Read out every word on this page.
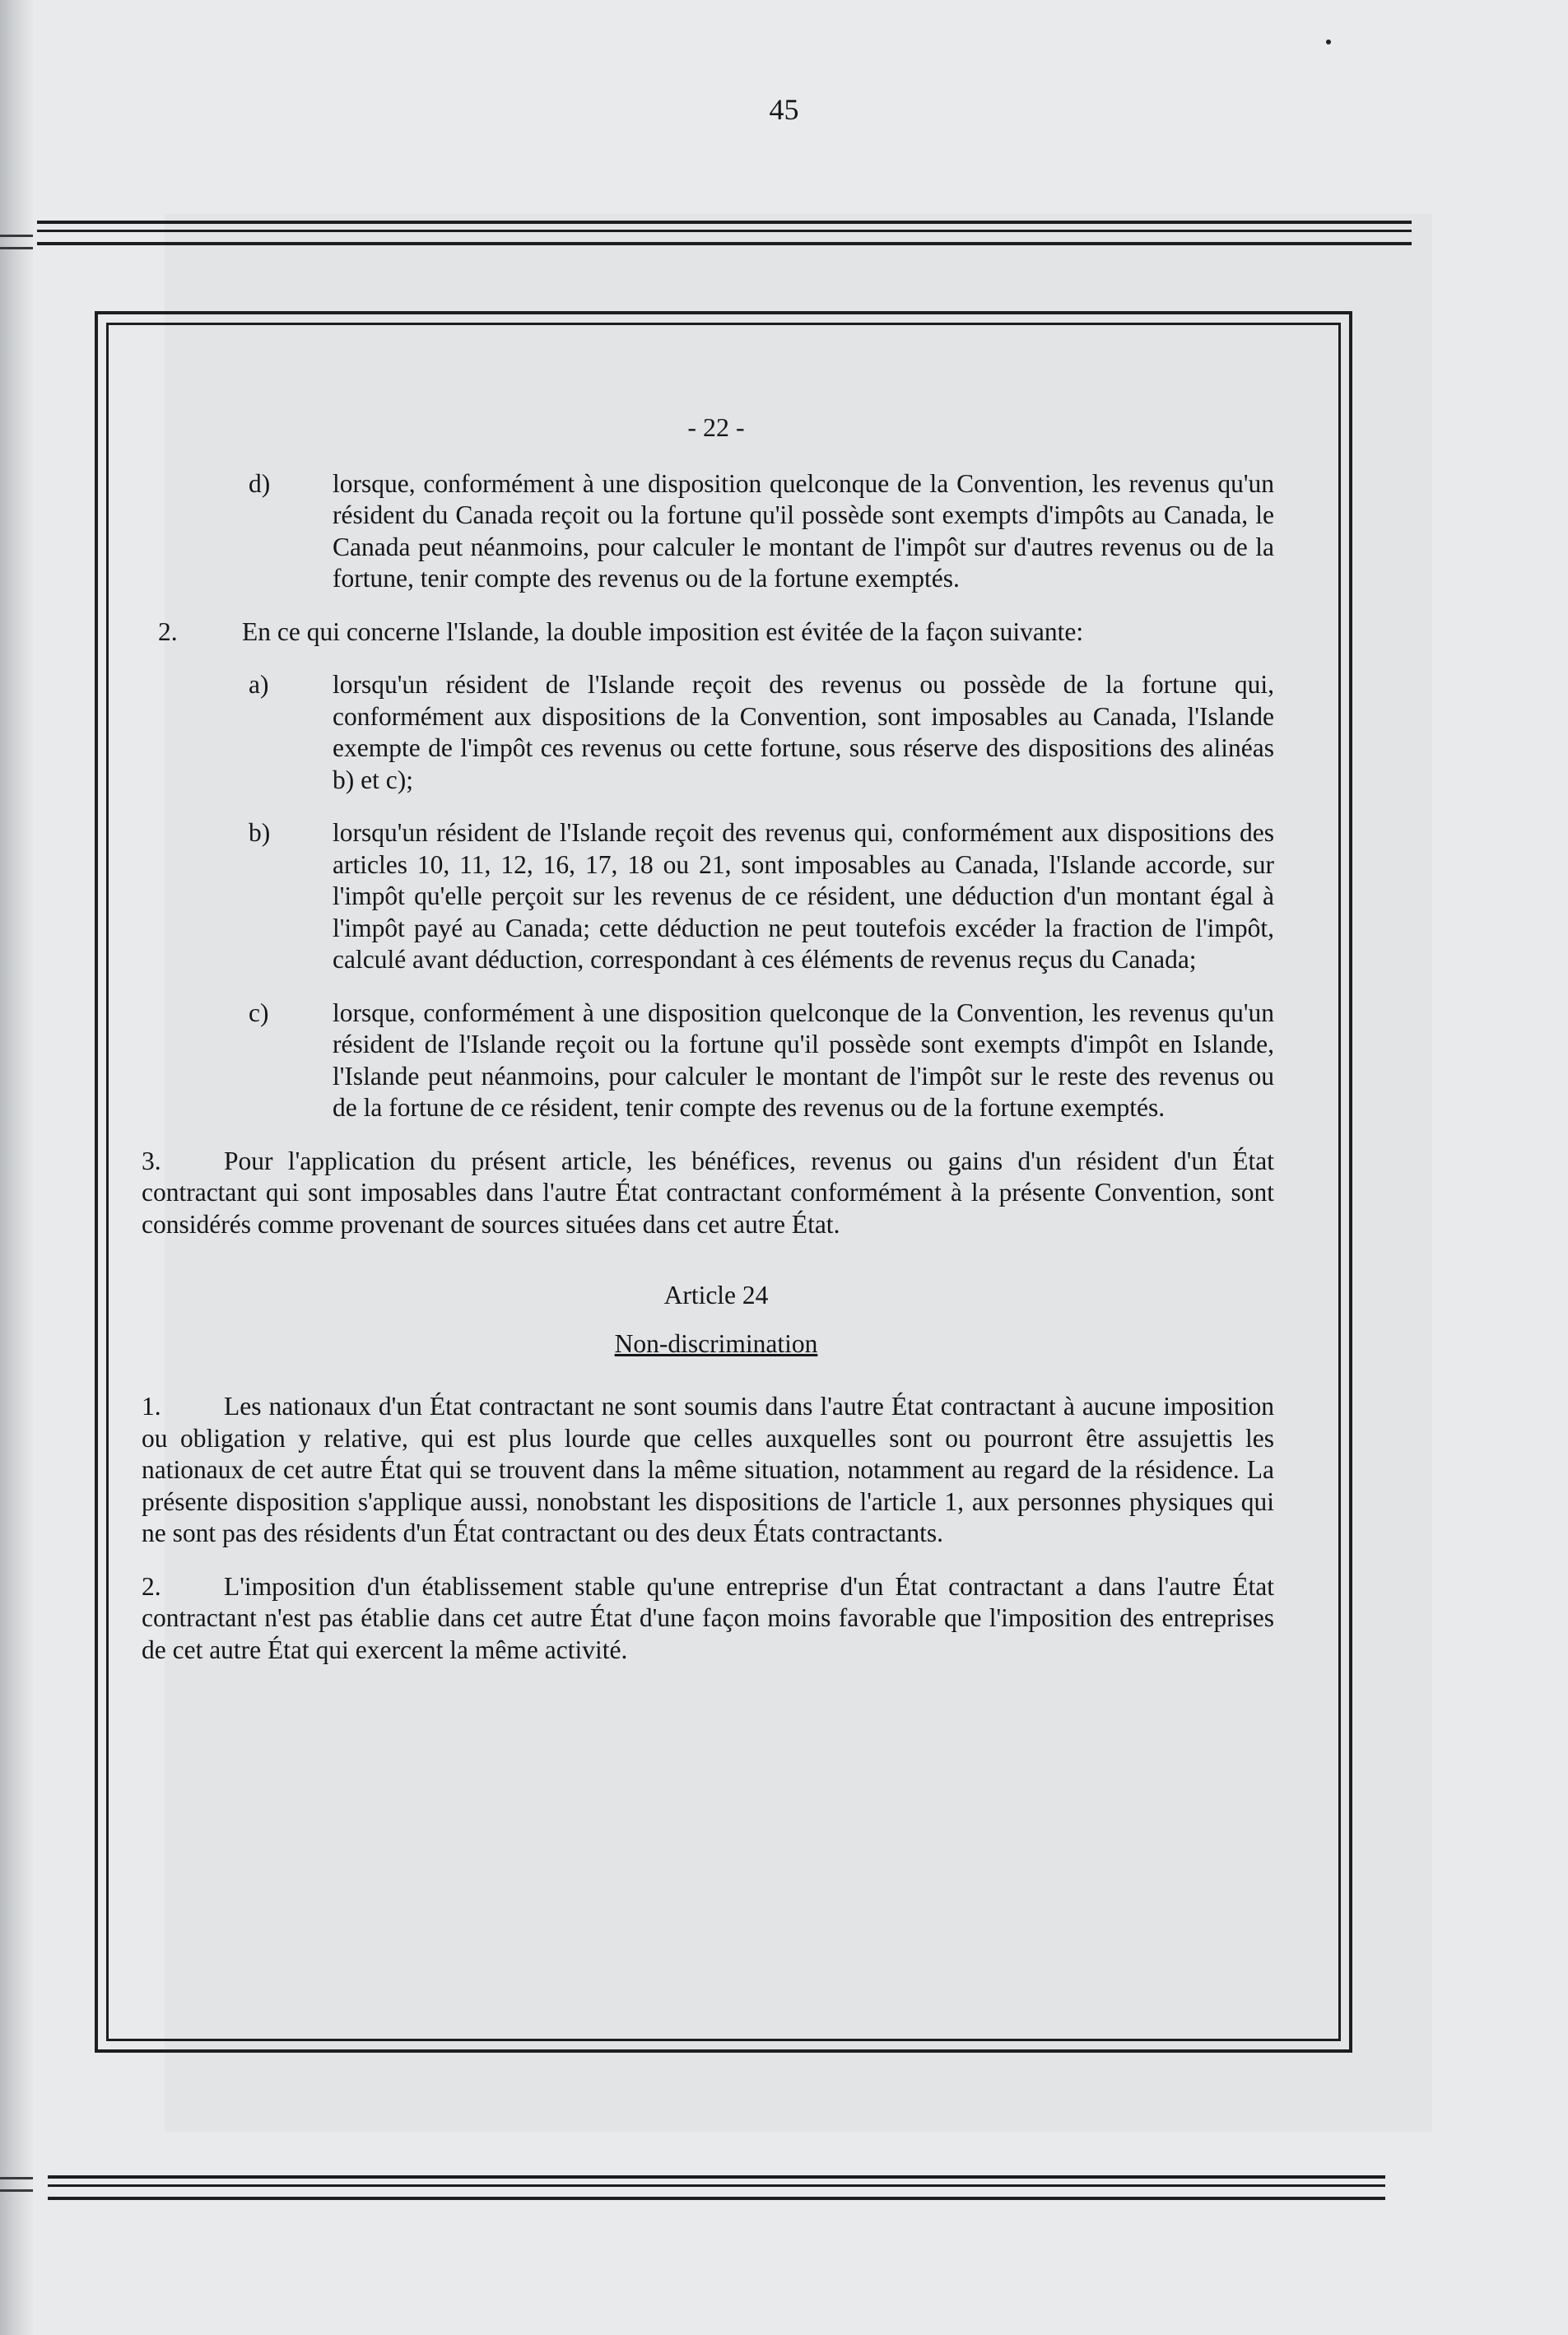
45
- 22 -
d)	lorsque, conformément à une disposition quelconque de la Convention, les revenus qu'un résident du Canada reçoit ou la fortune qu'il possède sont exempts d'impôts au Canada, le Canada peut néanmoins, pour calculer le montant de l'impôt sur d'autres revenus ou de la fortune, tenir compte des revenus ou de la fortune exemptés.
2.	En ce qui concerne l'Islande, la double imposition est évitée de la façon suivante:
a)	lorsqu'un résident de l'Islande reçoit des revenus ou possède de la fortune qui, conformément aux dispositions de la Convention, sont imposables au Canada, l'Islande exempte de l'impôt ces revenus ou cette fortune, sous réserve des dispositions des alinéas b) et c);
b)	lorsqu'un résident de l'Islande reçoit des revenus qui, conformément aux dispositions des articles 10, 11, 12, 16, 17, 18 ou 21, sont imposables au Canada, l'Islande accorde, sur l'impôt qu'elle perçoit sur les revenus de ce résident, une déduction d'un montant égal à l'impôt payé au Canada; cette déduction ne peut toutefois excéder la fraction de l'impôt, calculé avant déduction, correspondant à ces éléments de revenus reçus du Canada;
c)	lorsque, conformément à une disposition quelconque de la Convention, les revenus qu'un résident de l'Islande reçoit ou la fortune qu'il possède sont exempts d'impôt en Islande, l'Islande peut néanmoins, pour calculer le montant de l'impôt sur le reste des revenus ou de la fortune de ce résident, tenir compte des revenus ou de la fortune exemptés.
3. Pour l'application du présent article, les bénéfices, revenus ou gains d'un résident d'un État contractant qui sont imposables dans l'autre État contractant conformément à la présente Convention, sont considérés comme provenant de sources situées dans cet autre État.
Article 24
Non-discrimination
1. Les nationaux d'un État contractant ne sont soumis dans l'autre État contractant à aucune imposition ou obligation y relative, qui est plus lourde que celles auxquelles sont ou pourront être assujettis les nationaux de cet autre État qui se trouvent dans la même situation, notamment au regard de la résidence. La présente disposition s'applique aussi, nonobstant les dispositions de l'article 1, aux personnes physiques qui ne sont pas des résidents d'un État contractant ou des deux États contractants.
2. L'imposition d'un établissement stable qu'une entreprise d'un État contractant a dans l'autre État contractant n'est pas établie dans cet autre État d'une façon moins favorable que l'imposition des entreprises de cet autre État qui exercent la même activité.
